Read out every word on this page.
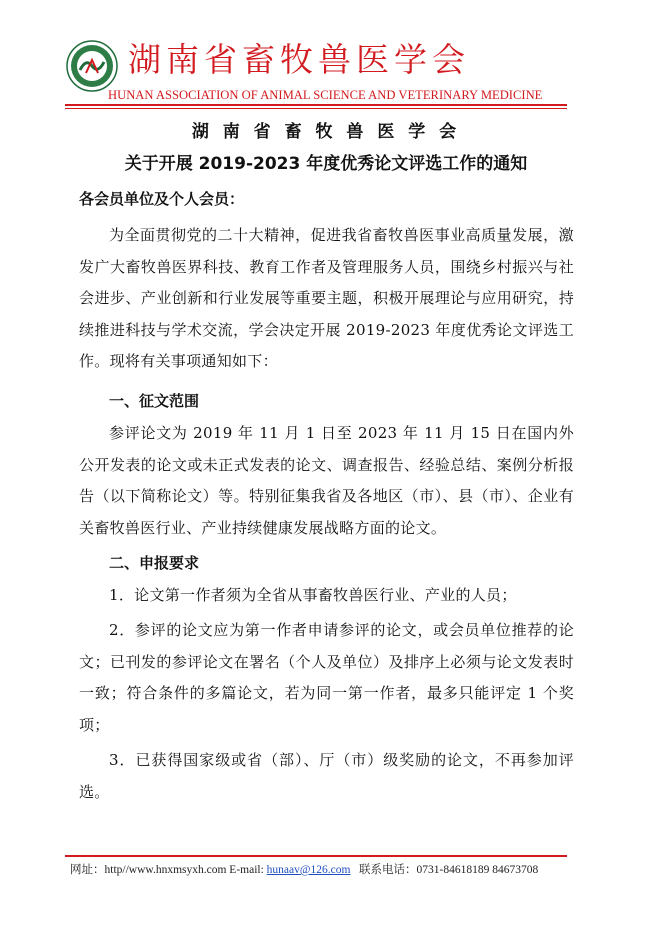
湖南省畜牧兽医学会
HUNAN ASSOCIATION OF ANIMAL SCIENCE AND VETERINARY MEDICINE
湖 南 省 畜 牧 兽 医 学 会
关于开展 2019-2023 年度优秀论文评选工作的通知
各会员单位及个人会员：
为全面贯彻党的二十大精神，促进我省畜牧兽医事业高质量发展，激发广大畜牧兽医界科技、教育工作者及管理服务人员，围绕乡村振兴与社会进步、产业创新和行业发展等重要主题，积极开展理论与应用研究，持续推进科技与学术交流，学会决定开展 2019-2023 年度优秀论文评选工作。现将有关事项通知如下：
一、征文范围
参评论文为 2019 年 11 月 1 日至 2023 年 11 月 15 日在国内外公开发表的论文或未正式发表的论文、调查报告、经验总结、案例分析报告（以下简称论文）等。特别征集我省及各地区（市）、县（市）、企业有关畜牧兽医行业、产业持续健康发展战略方面的论文。
二、申报要求
1．论文第一作者须为全省从事畜牧兽医行业、产业的人员；
2．参评的论文应为第一作者申请参评的论文，或会员单位推荐的论文；已刊发的参评论文在署名（个人及单位）及排序上必须与论文发表时一致；符合条件的多篇论文，若为同一第一作者，最多只能评定 1 个奖项；
3．已获得国家级或省（部）、厅（市）级奖励的论文，不再参加评选。
网址：http//www.hnxmsyxh.com E-mail: hunaav@126.com 联系电话：0731-84618189 84673708
